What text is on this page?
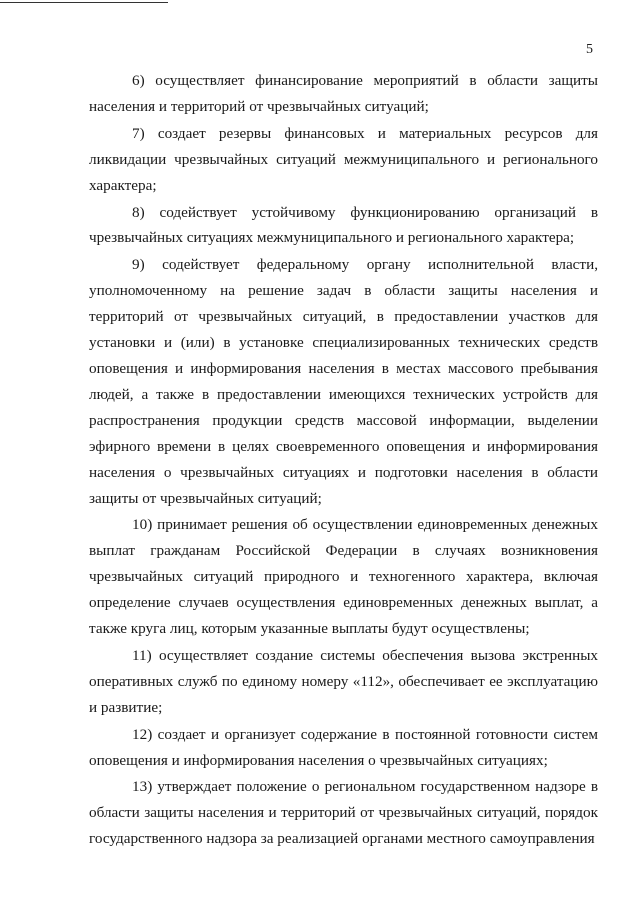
5

6) осуществляет финансирование мероприятий в области защиты населения и территорий от чрезвычайных ситуаций;

7) создает резервы финансовых и материальных ресурсов для ликвидации чрезвычайных ситуаций межмуниципального и регионального характера;

8) содействует устойчивому функционированию организаций в чрезвычайных ситуациях межмуниципального и регионального характера;

9) содействует федеральному органу исполнительной власти, уполномоченному на решение задач в области защиты населения и территорий от чрезвычайных ситуаций, в предоставлении участков для установки и (или) в установке специализированных технических средств оповещения и информирования населения в местах массового пребывания людей, а также в предоставлении имеющихся технических устройств для распространения продукции средств массовой информации, выделении эфирного времени в целях своевременного оповещения и информирования населения о чрезвычайных ситуациях и подготовки населения в области защиты от чрезвычайных ситуаций;

10) принимает решения об осуществлении единовременных денежных выплат гражданам Российской Федерации в случаях возникновения чрезвычайных ситуаций природного и техногенного характера, включая определение случаев осуществления единовременных денежных выплат, а также круга лиц, которым указанные выплаты будут осуществлены;

11) осуществляет создание системы обеспечения вызова экстренных оперативных служб по единому номеру «112», обеспечивает ее эксплуатацию и развитие;

12) создает и организует содержание в постоянной готовности систем оповещения и информирования населения о чрезвычайных ситуациях;

13) утверждает положение о региональном государственном надзоре в области защиты населения и территорий от чрезвычайных ситуаций, порядок государственного надзора за реализацией органами местного самоуправления
